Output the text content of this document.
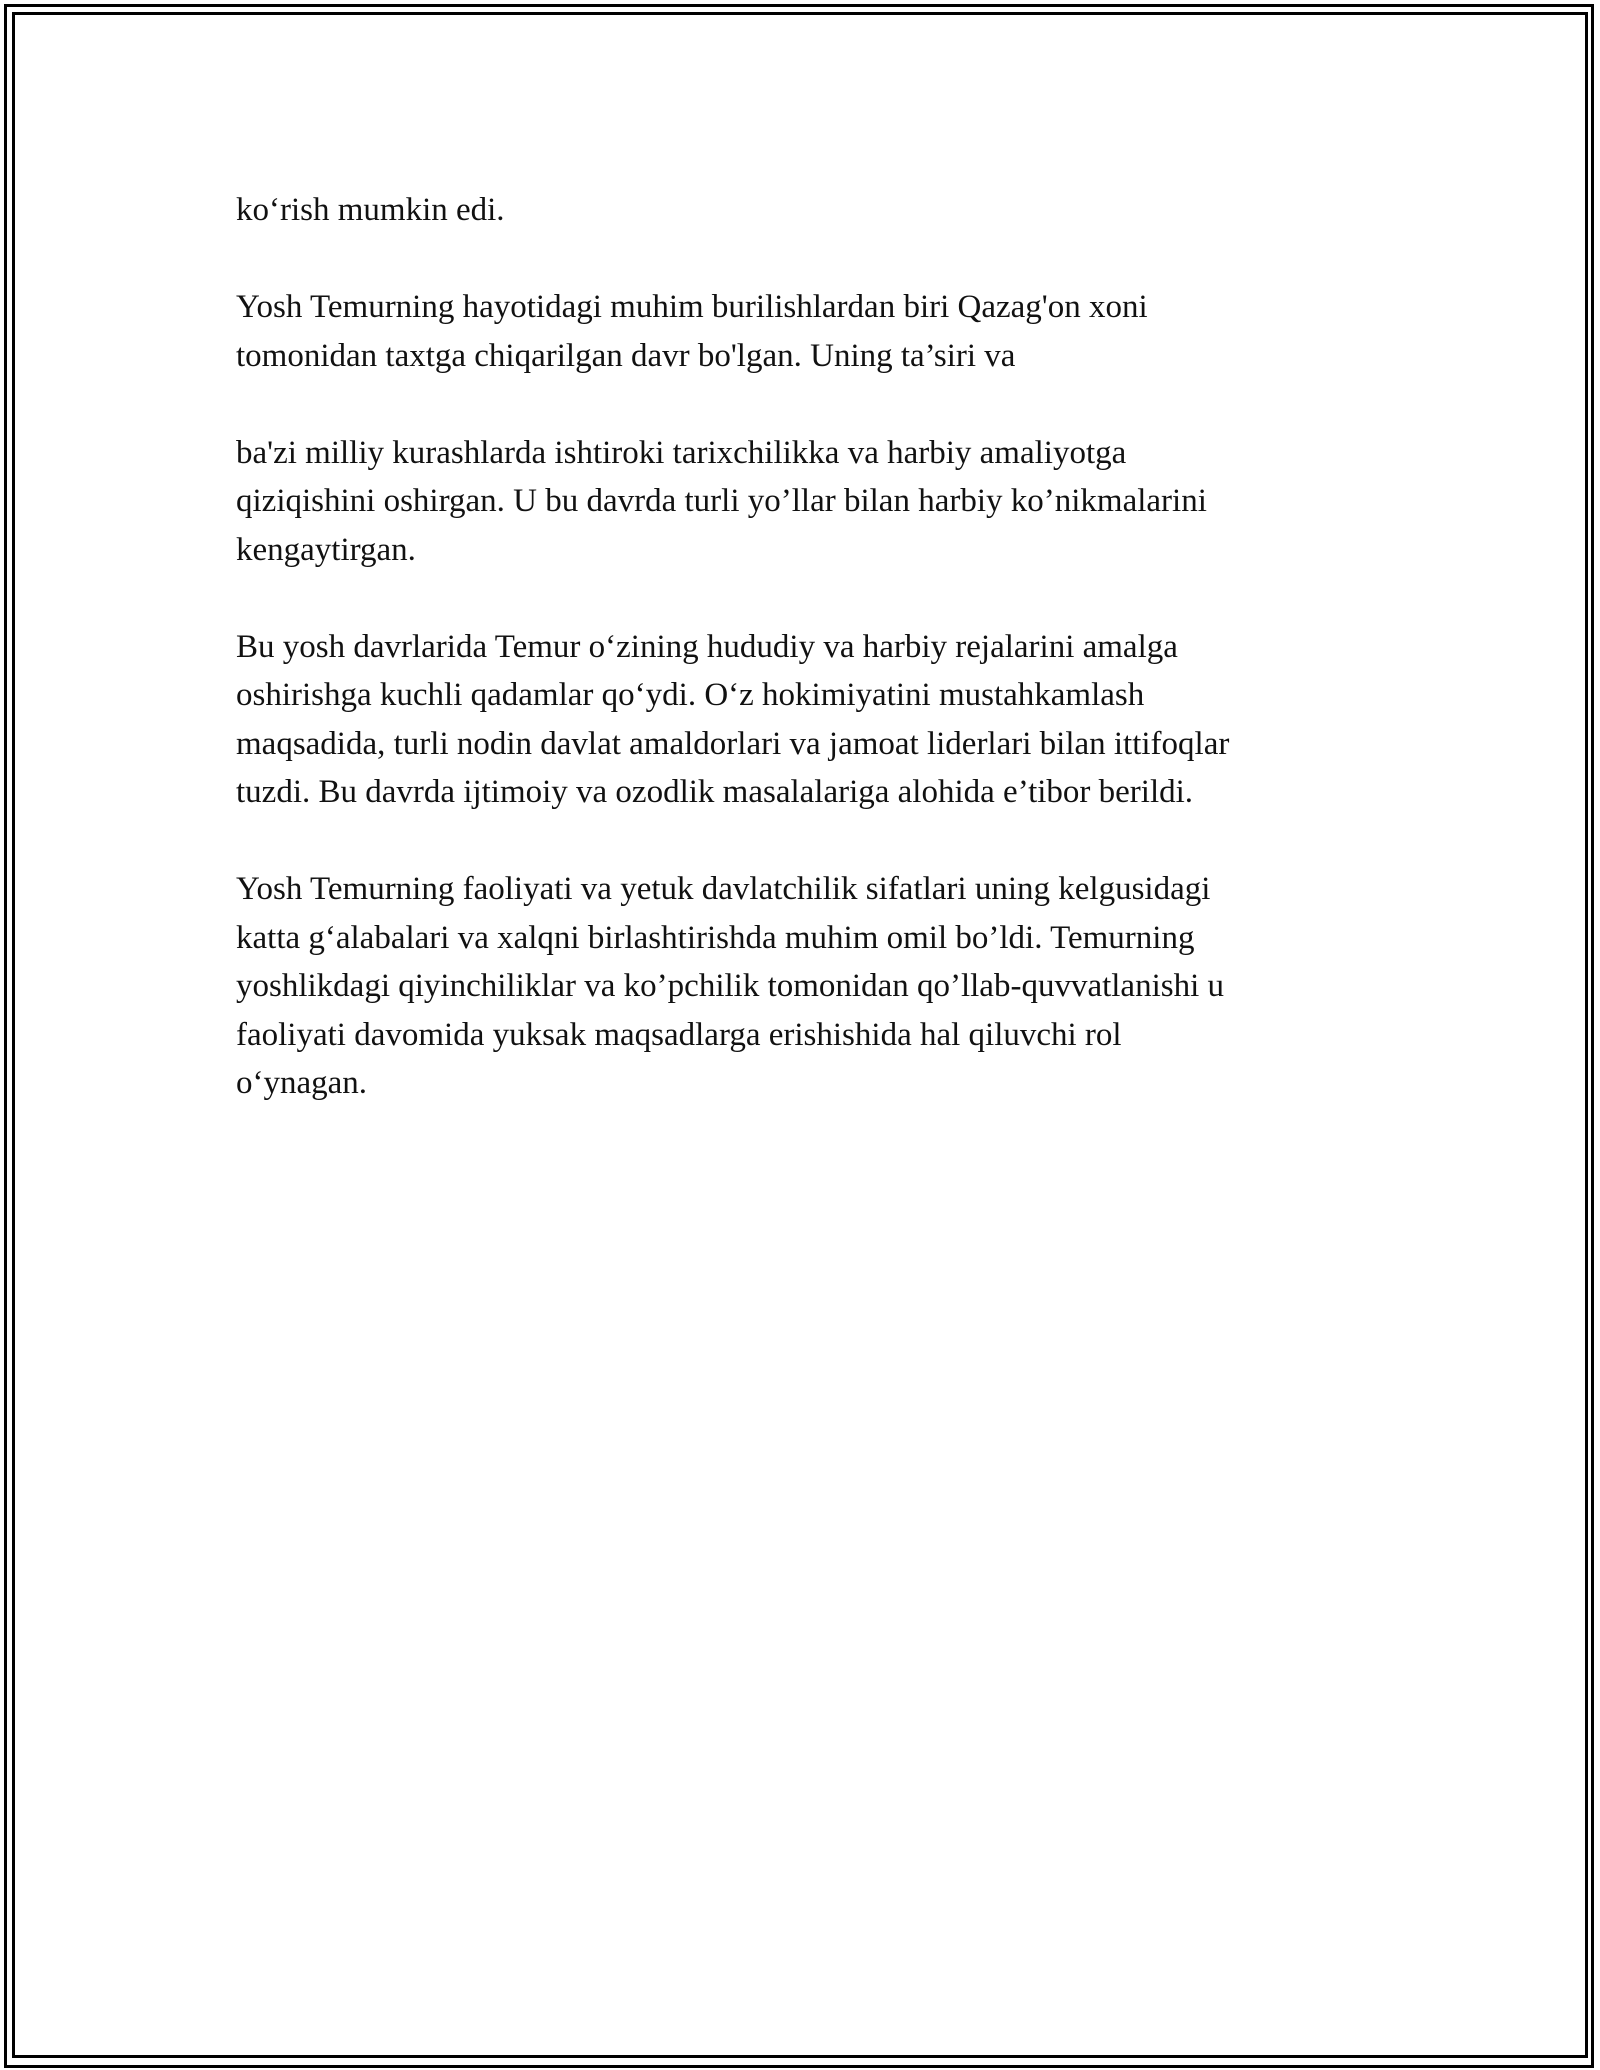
ko‘rish mumkin edi.

Yosh Temurning hayotidagi muhim burilishlardan biri Qazag'on xoni
tomonidan taxtga chiqarilgan davr bo'lgan. Uning ta’siri va

ba'zi milliy kurashlarda ishtiroki tarixchilikka va harbiy amaliyotga
qiziqishini oshirgan. U bu davrda turli yo’llar bilan harbiy ko’nikmalarini
kengaytirgan.

Bu yosh davrlarida Temur o‘zining hududiy va harbiy rejalarini amalga
oshirishga kuchli qadamlar qo‘ydi. O‘z hokimiyatini mustahkamlash
maqsadida, turli nodin davlat amaldorlari va jamoat liderlari bilan ittifoqlar
tuzdi. Bu davrda ijtimoiy va ozodlik masalalariga alohida e’tibor berildi.

Yosh Temurning faoliyati va yetuk davlatchilik sifatlari uning kelgusidagi
katta g‘alabalari va xalqni birlashtirishda muhim omil bo’ldi. Temurning
yoshlikdagi qiyinchiliklar va ko’pchilik tomonidan qo’llab-quvvatlanishi u
faoliyati davomida yuksak maqsadlarga erishishida hal qiluvchi rol
o‘ynagan.
